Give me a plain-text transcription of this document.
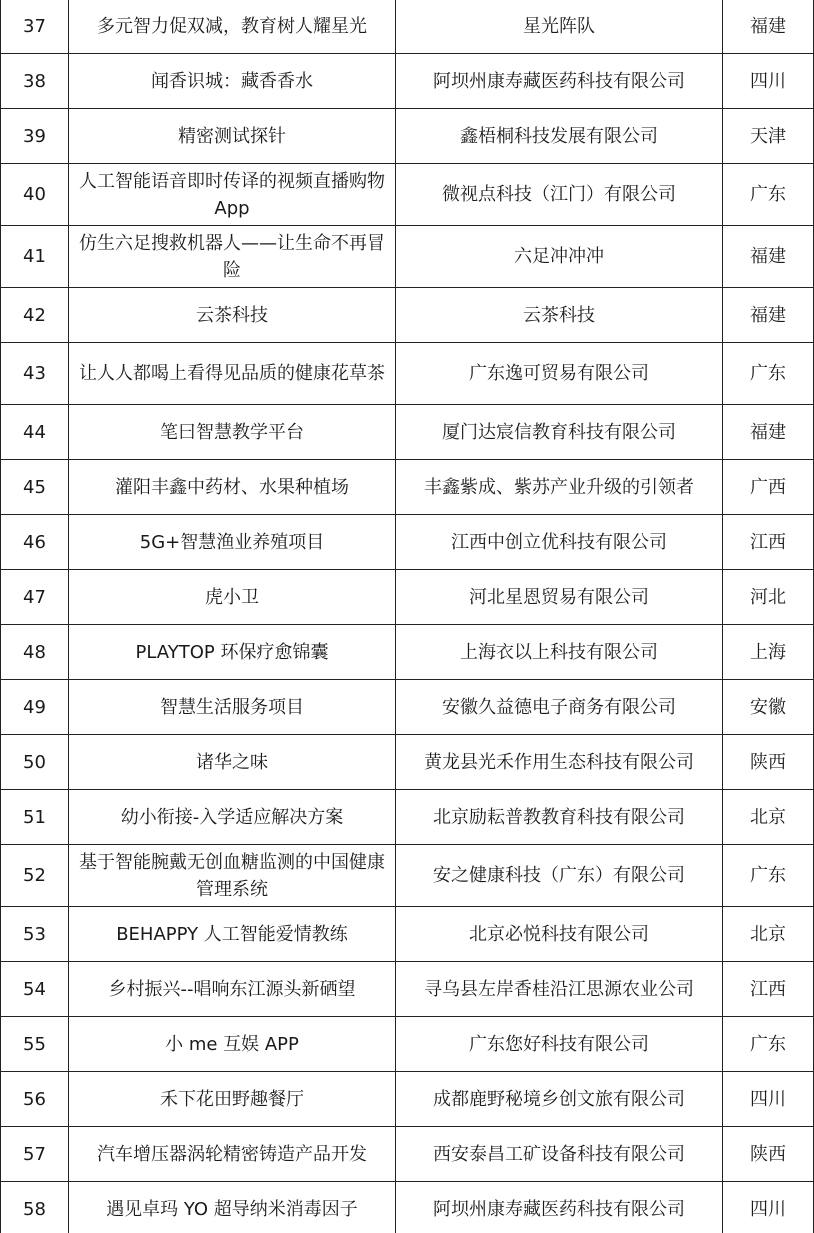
37	多元智力促双减，教育树人耀星光	星光阵队	福建
38	闻香识城：藏香香水	阿坝州康寿藏医药科技有限公司	四川
39	精密测试探针	鑫梧桐科技发展有限公司	天津
40	人工智能语音即时传译的视频直播购物 App	微视点科技（江门）有限公司	广东
41	仿生六足搜救机器人——让生命不再冒险	六足冲冲冲	福建
42	云茶科技	云茶科技	福建
43	让人人都喝上看得见品质的健康花草茶	广东逸可贸易有限公司	广东
44	笔曰智慧教学平台	厦门达宸信教育科技有限公司	福建
45	灌阳丰鑫中药材、水果种植场	丰鑫紫成、紫苏产业升级的引领者	广西
46	5G+智慧渔业养殖项目	江西中创立优科技有限公司	江西
47	虎小卫	河北星恩贸易有限公司	河北
48	PLAYTOP 环保疗愈锦囊	上海衣以上科技有限公司	上海
49	智慧生活服务项目	安徽久益德电子商务有限公司	安徽
50	诸华之味	黄龙县光禾作用生态科技有限公司	陕西
51	幼小衔接-入学适应解决方案	北京励耘普教教育科技有限公司	北京
52	基于智能腕戴无创血糖监测的中国健康管理系统	安之健康科技（广东）有限公司	广东
53	BEHAPPY 人工智能爱情教练	北京必悦科技有限公司	北京
54	乡村振兴--唱响东江源头新硒望	寻乌县左岸香桂沿江思源农业公司	江西
55	小 me 互娱 APP	广东您好科技有限公司	广东
56	禾下花田野趣餐厅	成都鹿野秘境乡创文旅有限公司	四川
57	汽车增压器涡轮精密铸造产品开发	西安泰昌工矿设备科技有限公司	陕西
58	遇见卓玛 YO 超导纳米消毒因子	阿坝州康寿藏医药科技有限公司	四川
